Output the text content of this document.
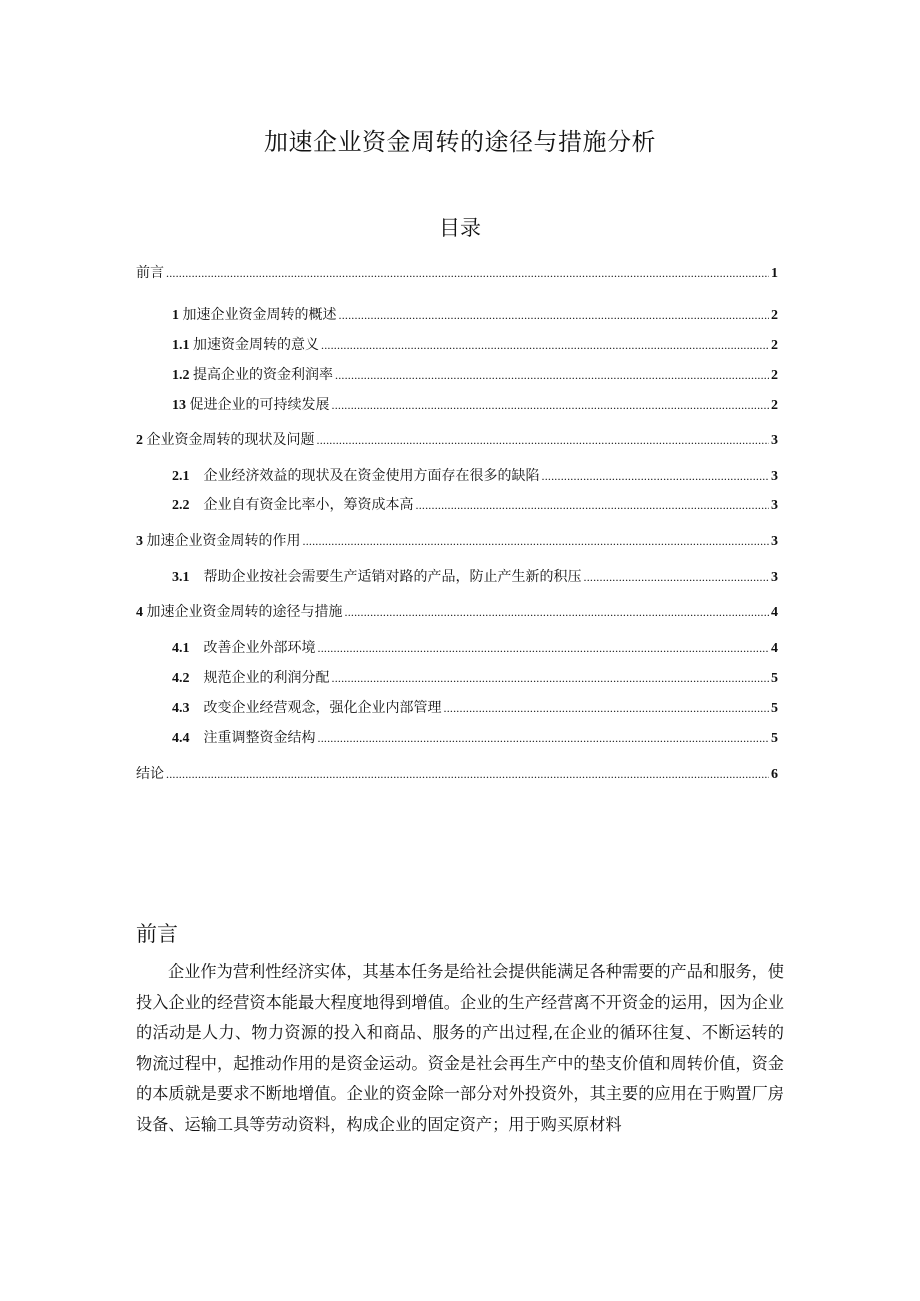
加速企业资金周转的途径与措施分析
目录
前言 .....	1
1 加速企业资金周转的概述 .....	2
1.1 加速资金周转的意义 .....	2
1.2 提高企业的资金利润率 .....	2
13 促进企业的可持续发展 .....	2
2 企业资金周转的现状及问题 .....	3
2.1 企业经济效益的现状及在资金使用方面存在很多的缺陷 .....	3
2.2 企业自有资金比率小，筹资成本高 .....	3
3 加速企业资金周转的作用 .....	3
3.1 帮助企业按社会需要生产适销对路的产品，防止产生新的积压 .....	3
4 加速企业资金周转的途径与措施 .....	4
4.1 改善企业外部环境 .....	4
4.2 规范企业的利润分配 .....	5
4.3 改变企业经营观念，强化企业内部管理 .....	5
4.4 注重调整资金结构 .....	5
结论 .....	6
前言

企业作为营利性经济实体，其基本任务是给社会提供能满足各种需要的产品和服务，使投入企业的经营资本能最大程度地得到增值。企业的生产经营离不开资金的运用，因为企业的活动是人力、物力资源的投入和商品、服务的产出过程,在企业的循环往复、不断运转的物流过程中，起推动作用的是资金运动。资金是社会再生产中的垫支价值和周转价值，资金的本质就是要求不断地增值。企业的资金除一部分对外投资外，其主要的应用在于购置厂房设备、运输工具等劳动资料，构成企业的固定资产；用于购买原材料
